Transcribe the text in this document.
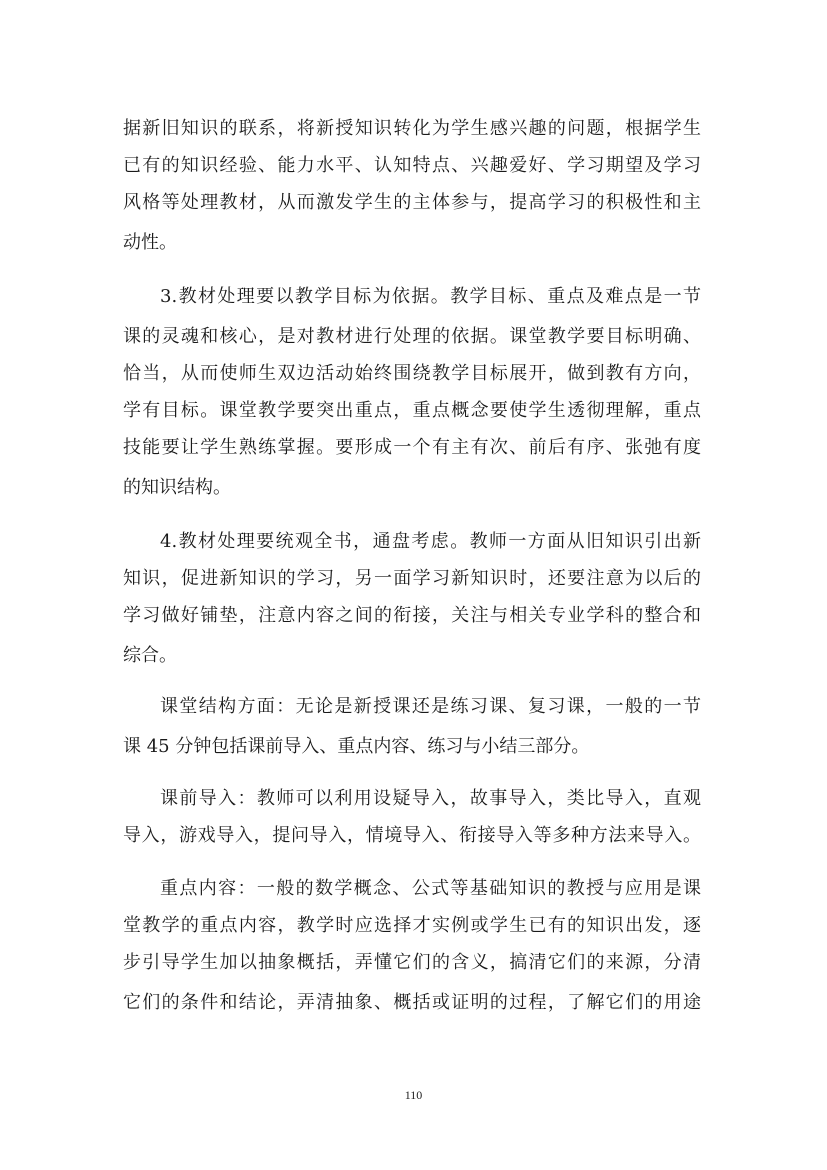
据新旧知识的联系，将新授知识转化为学生感兴趣的问题，根据学生
已有的知识经验、能力水平、认知特点、兴趣爱好、学习期望及学习
风格等处理教材，从而激发学生的主体参与，提高学习的积极性和主
动性。
3.教材处理要以教学目标为依据。教学目标、重点及难点是一节
课的灵魂和核心，是对教材进行处理的依据。课堂教学要目标明确、
恰当，从而使师生双边活动始终围绕教学目标展开，做到教有方向，
学有目标。课堂教学要突出重点，重点概念要使学生透彻理解，重点
技能要让学生熟练掌握。要形成一个有主有次、前后有序、张弛有度
的知识结构。
4.教材处理要统观全书，通盘考虑。教师一方面从旧知识引出新
知识，促进新知识的学习，另一面学习新知识时，还要注意为以后的
学习做好铺垫，注意内容之间的衔接，关注与相关专业学科的整合和
综合。
课堂结构方面：无论是新授课还是练习课、复习课，一般的一节
课 45 分钟包括课前导入、重点内容、练习与小结三部分。
课前导入：教师可以利用设疑导入，故事导入，类比导入，直观
导入，游戏导入，提问导入，情境导入、衔接导入等多种方法来导入。
重点内容：一般的数学概念、公式等基础知识的教授与应用是课
堂教学的重点内容，教学时应选择才实例或学生已有的知识出发，逐
步引导学生加以抽象概括，弄懂它们的含义，搞清它们的来源，分清
它们的条件和结论，弄清抽象、概括或证明的过程，了解它们的用途
110
